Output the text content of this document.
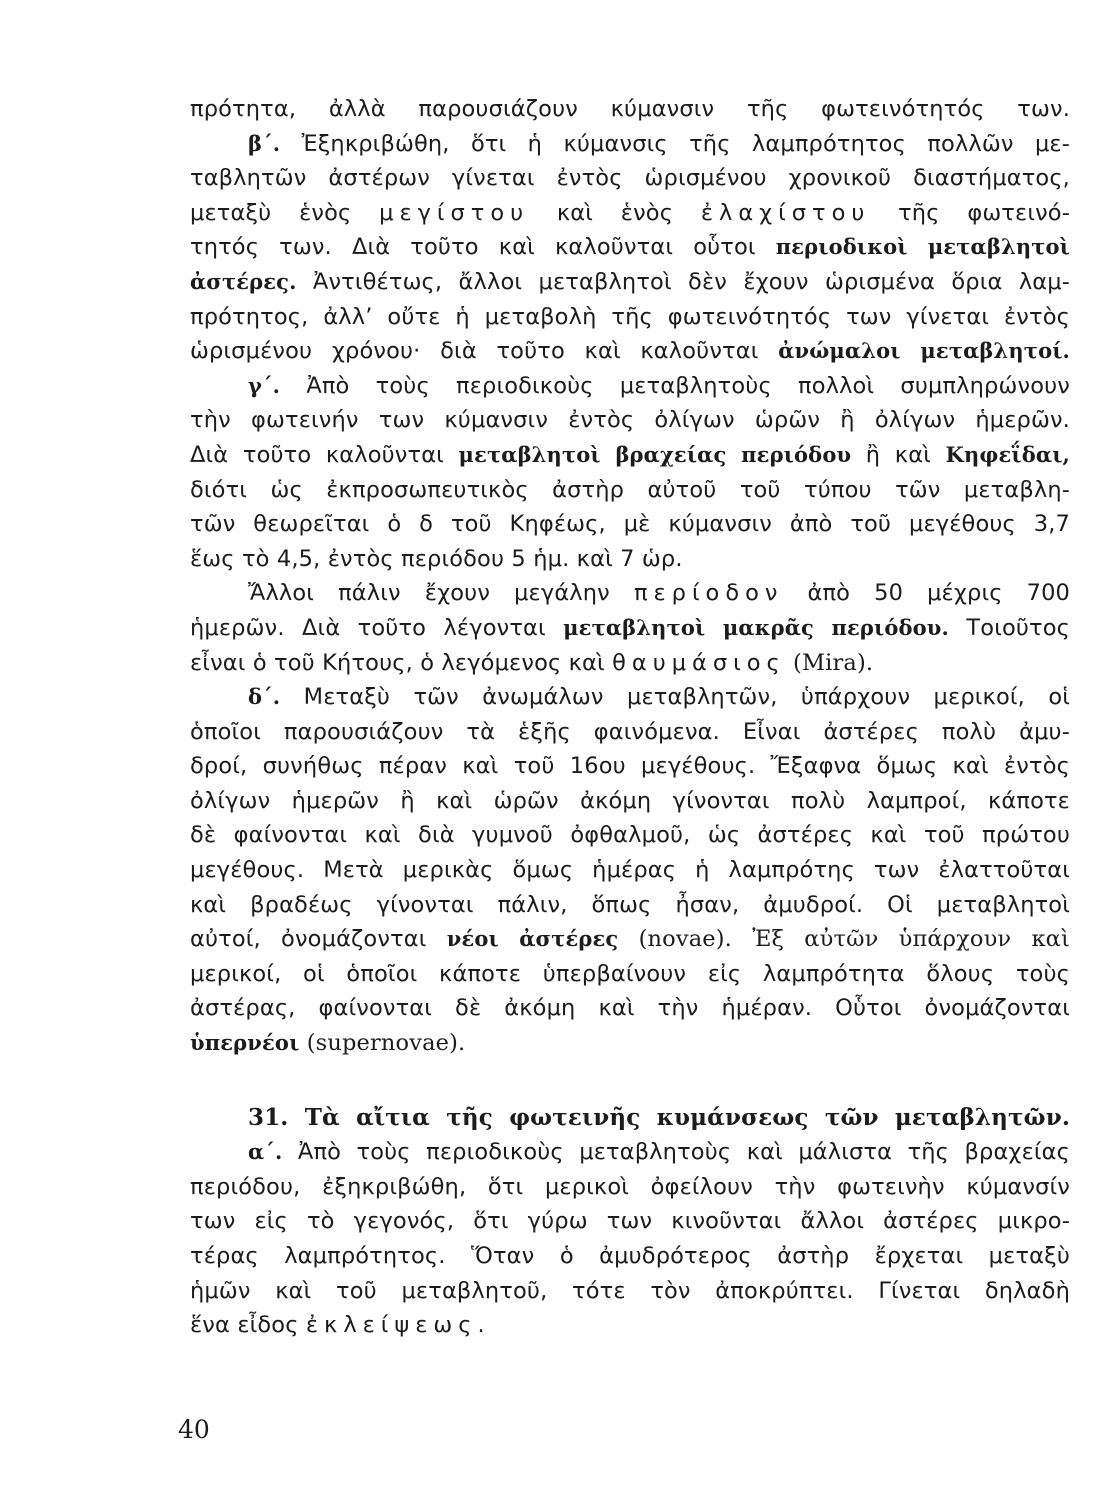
πρότητα, ἀλλὰ παρουσιάζουν κύμανσιν τῆς φωτεινότητός των.
β΄. Ἐξηκριβώθη, ὅτι ἡ κύμανσις τῆς λαμπρότητος πολλῶν με-
ταβλητῶν ἀστέρων γίνεται ἐντὸς ὡρισμένου χρονικοῦ διαστήματος,
μεταξὺ ἑνὸς μεγίστου καὶ ἑνὸς ἐλαχίστου τῆς φωτεινό-
τητός των. Διὰ τοῦτο καὶ καλοῦνται οὗτοι περιοδικοὶ μεταβλητοὶ
ἀστέρες. Ἀντιθέτως, ἄλλοι μεταβλητοὶ δὲν ἔχουν ὡρισμένα ὅρια λαμ-
πρότητος, ἀλλ’ οὔτε ἡ μεταβολὴ τῆς φωτεινότητός των γίνεται ἐντὸς
ὡρισμένου χρόνου· διὰ τοῦτο καὶ καλοῦνται ἀνώμαλοι μεταβλητοί.
γ΄. Ἀπὸ τοὺς περιοδικοὺς μεταβλητοὺς πολλοὶ συμπληρώνουν
τὴν φωτεινήν των κύμανσιν ἐντὸς ὀλίγων ὡρῶν ἢ ὀλίγων ἡμερῶν.
Διὰ τοῦτο καλοῦνται μεταβλητοὶ βραχείας περιόδου ἢ καὶ Κηφεΐδαι,
διότι ὡς ἐκπροσωπευτικὸς ἀστὴρ αὐτοῦ τοῦ τύπου τῶν μεταβλη-
τῶν θεωρεῖται ὁ δ τοῦ Κηφέως, μὲ κύμανσιν ἀπὸ τοῦ μεγέθους 3,7
ἕως τὸ 4,5, ἐντὸς περιόδου 5 ἡμ. καὶ 7 ὡρ.
Ἄλλοι πάλιν ἔχουν μεγάλην περίοδον ἀπὸ 50 μέχρις 700
ἡμερῶν. Διὰ τοῦτο λέγονται μεταβλητοὶ μακρᾶς περιόδου. Τοιοῦτος
εἶναι ὁ τοῦ Κήτους, ὁ λεγόμενος καὶ θαυμάσιος (Mira).
δ΄. Μεταξὺ τῶν ἀνωμάλων μεταβλητῶν, ὑπάρχουν μερικοί, οἱ
ὁποῖοι παρουσιάζουν τὰ ἑξῆς φαινόμενα. Εἶναι ἀστέρες πολὺ ἀμυ-
δροί, συνήθως πέραν καὶ τοῦ 16ου μεγέθους. Ἔξαφνα ὅμως καὶ ἐντὸς
ὀλίγων ἡμερῶν ἢ καὶ ὡρῶν ἀκόμη γίνονται πολὺ λαμπροί, κάποτε
δὲ φαίνονται καὶ διὰ γυμνοῦ ὀφθαλμοῦ, ὡς ἀστέρες καὶ τοῦ πρώτου
μεγέθους. Μετὰ μερικὰς ὅμως ἡμέρας ἡ λαμπρότης των ἐλαττοῦται
καὶ βραδέως γίνονται πάλιν, ὅπως ἦσαν, ἀμυδροί. Οἱ μεταβλητοὶ
αὐτοί, ὀνομάζονται νέοι ἀστέρες (novae). Ἐξ αὐτῶν ὑπάρχουν καὶ
μερικοί, οἱ ὁποῖοι κάποτε ὑπερβαίνουν εἰς λαμπρότητα ὅλους τοὺς
ἀστέρας, φαίνονται δὲ ἀκόμη καὶ τὴν ἡμέραν. Οὗτοι ὀνομάζονται
ὑπερνέοι (supernovae).
31. Τὰ αἴτια τῆς φωτεινῆς κυμάνσεως τῶν μεταβλητῶν.
α΄. Ἀπὸ τοὺς περιοδικοὺς μεταβλητοὺς καὶ μάλιστα τῆς βραχείας
περιόδου, ἐξηκριβώθη, ὅτι μερικοὶ ὀφείλουν τὴν φωτεινὴν κύμανσίν
των εἰς τὸ γεγονός, ὅτι γύρω των κινοῦνται ἄλλοι ἀστέρες μικρο-
τέρας λαμπρότητος. Ὅταν ὁ ἀμυδρότερος ἀστὴρ ἔρχεται μεταξὺ
ἡμῶν καὶ τοῦ μεταβλητοῦ, τότε τὸν ἀποκρύπτει. Γίνεται δηλαδὴ
ἕνα εἶδος ἐκλείψεως.
40
